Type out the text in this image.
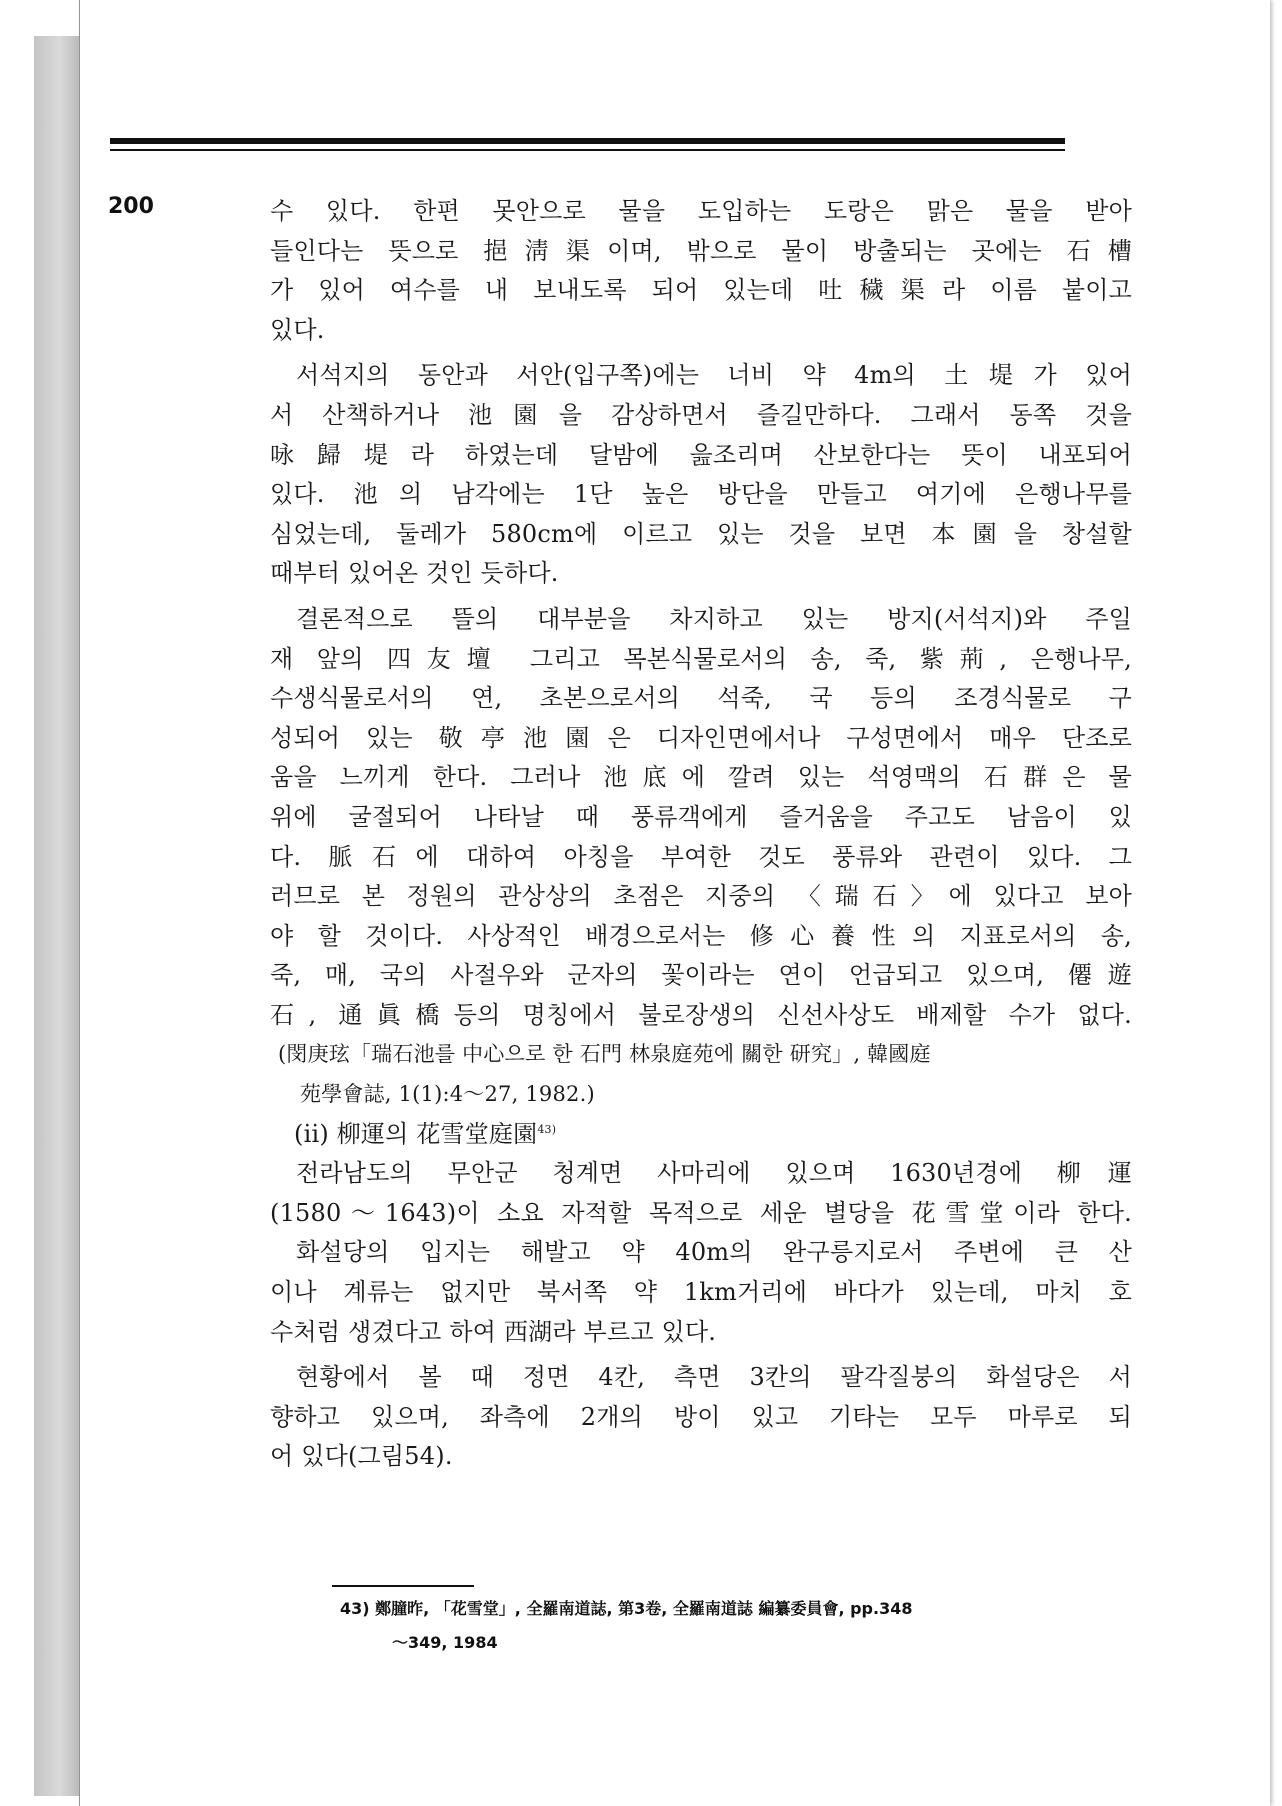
200	수 있다. 한편 못안으로 물을 도입하는 도랑은 맑은 물을 받아
들인다는 뜻으로 挹淸渠이며, 밖으로 물이 방출되는 곳에는 石槽
가 있어 여수를 내 보내도록 되어 있는데 吐穢渠라 이름 붙이고
있다.
서석지의 동안과 서안(입구쪽)에는 너비 약 4m의 土堤가 있어
서 산책하거나 池園을 감상하면서 즐길만하다. 그래서 동쪽 것을
咏歸堤라 하였는데 달밤에 읊조리며 산보한다는 뜻이 내포되어
있다. 池의 남각에는 1단 높은 방단을 만들고 여기에 은행나무를
심었는데, 둘레가 580cm에 이르고 있는 것을 보면 本園을 창설할
때부터 있어온 것인 듯하다.
결론적으로 뜰의 대부분을 차지하고 있는 방지(서석지)와 주일
재 앞의 四友壇 그리고 목본식물로서의 송, 죽, 紫荊, 은행나무,
수생식물로서의 연, 초본으로서의 석죽, 국 등의 조경식물로 구
성되어 있는 敬亭池園은 디자인면에서나 구성면에서 매우 단조로
움을 느끼게 한다. 그러나 池底에 깔려 있는 석영맥의 石群은 물
위에 굴절되어 나타날 때 풍류객에게 즐거움을 주고도 남음이 있
다. 脈石에 대하여 아칭을 부여한 것도 풍류와 관련이 있다. 그
러므로 본 정원의 관상상의 초점은 지중의 〈瑞石〉에 있다고 보아
야 할 것이다. 사상적인 배경으로서는 修心養性의 지표로서의 송,
죽, 매, 국의 사절우와 군자의 꽃이라는 연이 언급되고 있으며, 僊遊
石, 通眞橋등의 명칭에서 불로장생의 신선사상도 배제할 수가 없다.
(閔庚玹「瑞石池를 中心으로 한 石門 林泉庭苑에 關한 研究」, 韓國庭
苑學會誌, 1(1):4～27, 1982.)
(ii) 柳運의 花雪堂庭園$^{43)}$
전라남도의 무안군 청계면 사마리에 있으며 1630년경에 柳運
(1580～1643)이 소요 자적할 목적으로 세운 별당을 花雪堂이라 한다.
화설당의 입지는 해발고 약 40m의 완구릉지로서 주변에 큰 산
이나 계류는 없지만 북서쪽 약 1km거리에 바다가 있는데, 마치 호
수처럼 생겼다고 하여 西湖라 부르고 있다.
현황에서 볼 때 정면 4칸, 측면 3칸의 팔각질붕의 화설당은 서
향하고 있으며, 좌측에 2개의 방이 있고 기타는 모두 마루로 되
어 있다(그림54).
43) 鄭朣昨, 「花雪堂」, 全羅南道誌, 第3卷, 全羅南道誌 編纂委員會, pp.348
～349, 1984
